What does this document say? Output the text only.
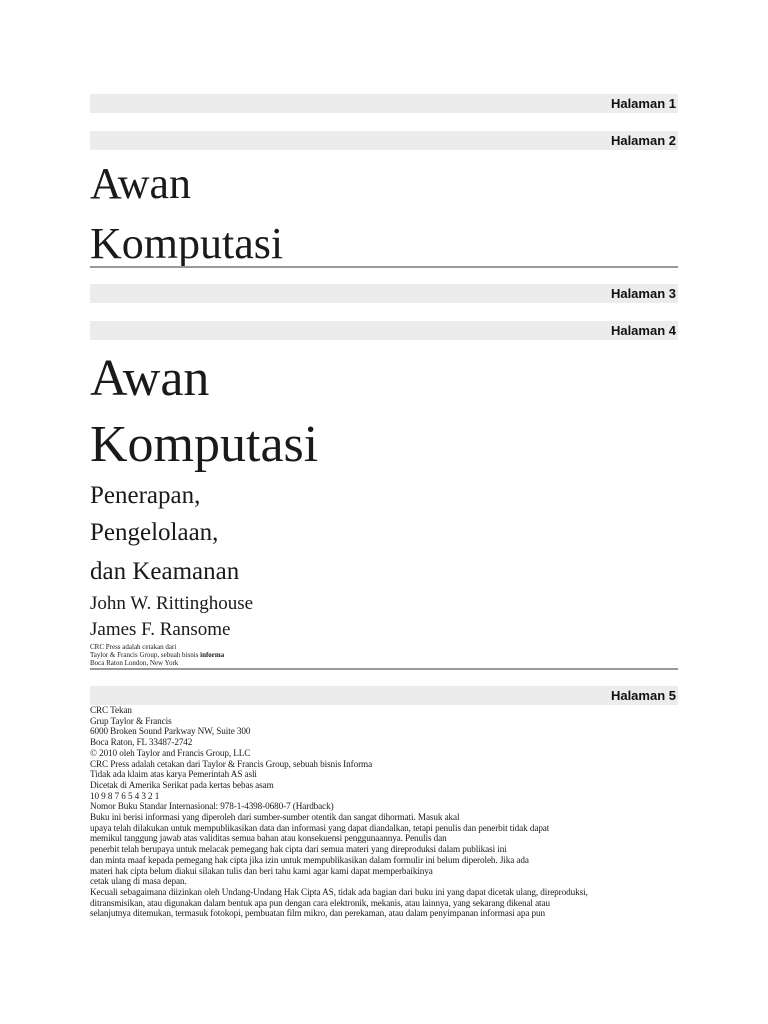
Halaman 1
Halaman 2
Awan
Komputasi
Halaman 3
Halaman 4
Awan
Komputasi
Penerapan,
Pengelolaan,
dan Keamanan
John W. Rittinghouse
James F. Ransome
CRC Press adalah cetakan dari
Taylor & Francis Group, sebuah bisnis informa
Boca Raton London, New York
Halaman 5
CRC Tekan
Grup Taylor & Francis
6000 Broken Sound Parkway NW, Suite 300
Boca Raton, FL 33487-2742
© 2010 oleh Taylor and Francis Group, LLC
CRC Press adalah cetakan dari Taylor & Francis Group, sebuah bisnis Informa
Tidak ada klaim atas karya Pemerintah AS asli
Dicetak di Amerika Serikat pada kertas bebas asam
10 9 8 7 6 5 4 3 2 1
Nomor Buku Standar Internasional: 978-1-4398-0680-7 (Hardback)
Buku ini berisi informasi yang diperoleh dari sumber-sumber otentik dan sangat dihormati. Masuk akal
upaya telah dilakukan untuk mempublikasikan data dan informasi yang dapat diandalkan, tetapi penulis dan penerbit tidak dapat
memikul tanggung jawab atas validitas semua bahan atau konsekuensi penggunaannya. Penulis dan
penerbit telah berupaya untuk melacak pemegang hak cipta dari semua materi yang direproduksi dalam publikasi ini
dan minta maaf kepada pemegang hak cipta jika izin untuk mempublikasikan dalam formulir ini belum diperoleh. Jika ada
materi hak cipta belum diakui silakan tulis dan beri tahu kami agar kami dapat memperbaikinya
cetak ulang di masa depan.
Kecuali sebagaimana diizinkan oleh Undang-Undang Hak Cipta AS, tidak ada bagian dari buku ini yang dapat dicetak ulang, direproduksi,
ditransmisikan, atau digunakan dalam bentuk apa pun dengan cara elektronik, mekanis, atau lainnya, yang sekarang dikenal atau
selanjutnya ditemukan, termasuk fotokopi, pembuatan film mikro, dan perekaman, atau dalam penyimpanan informasi apa pun
